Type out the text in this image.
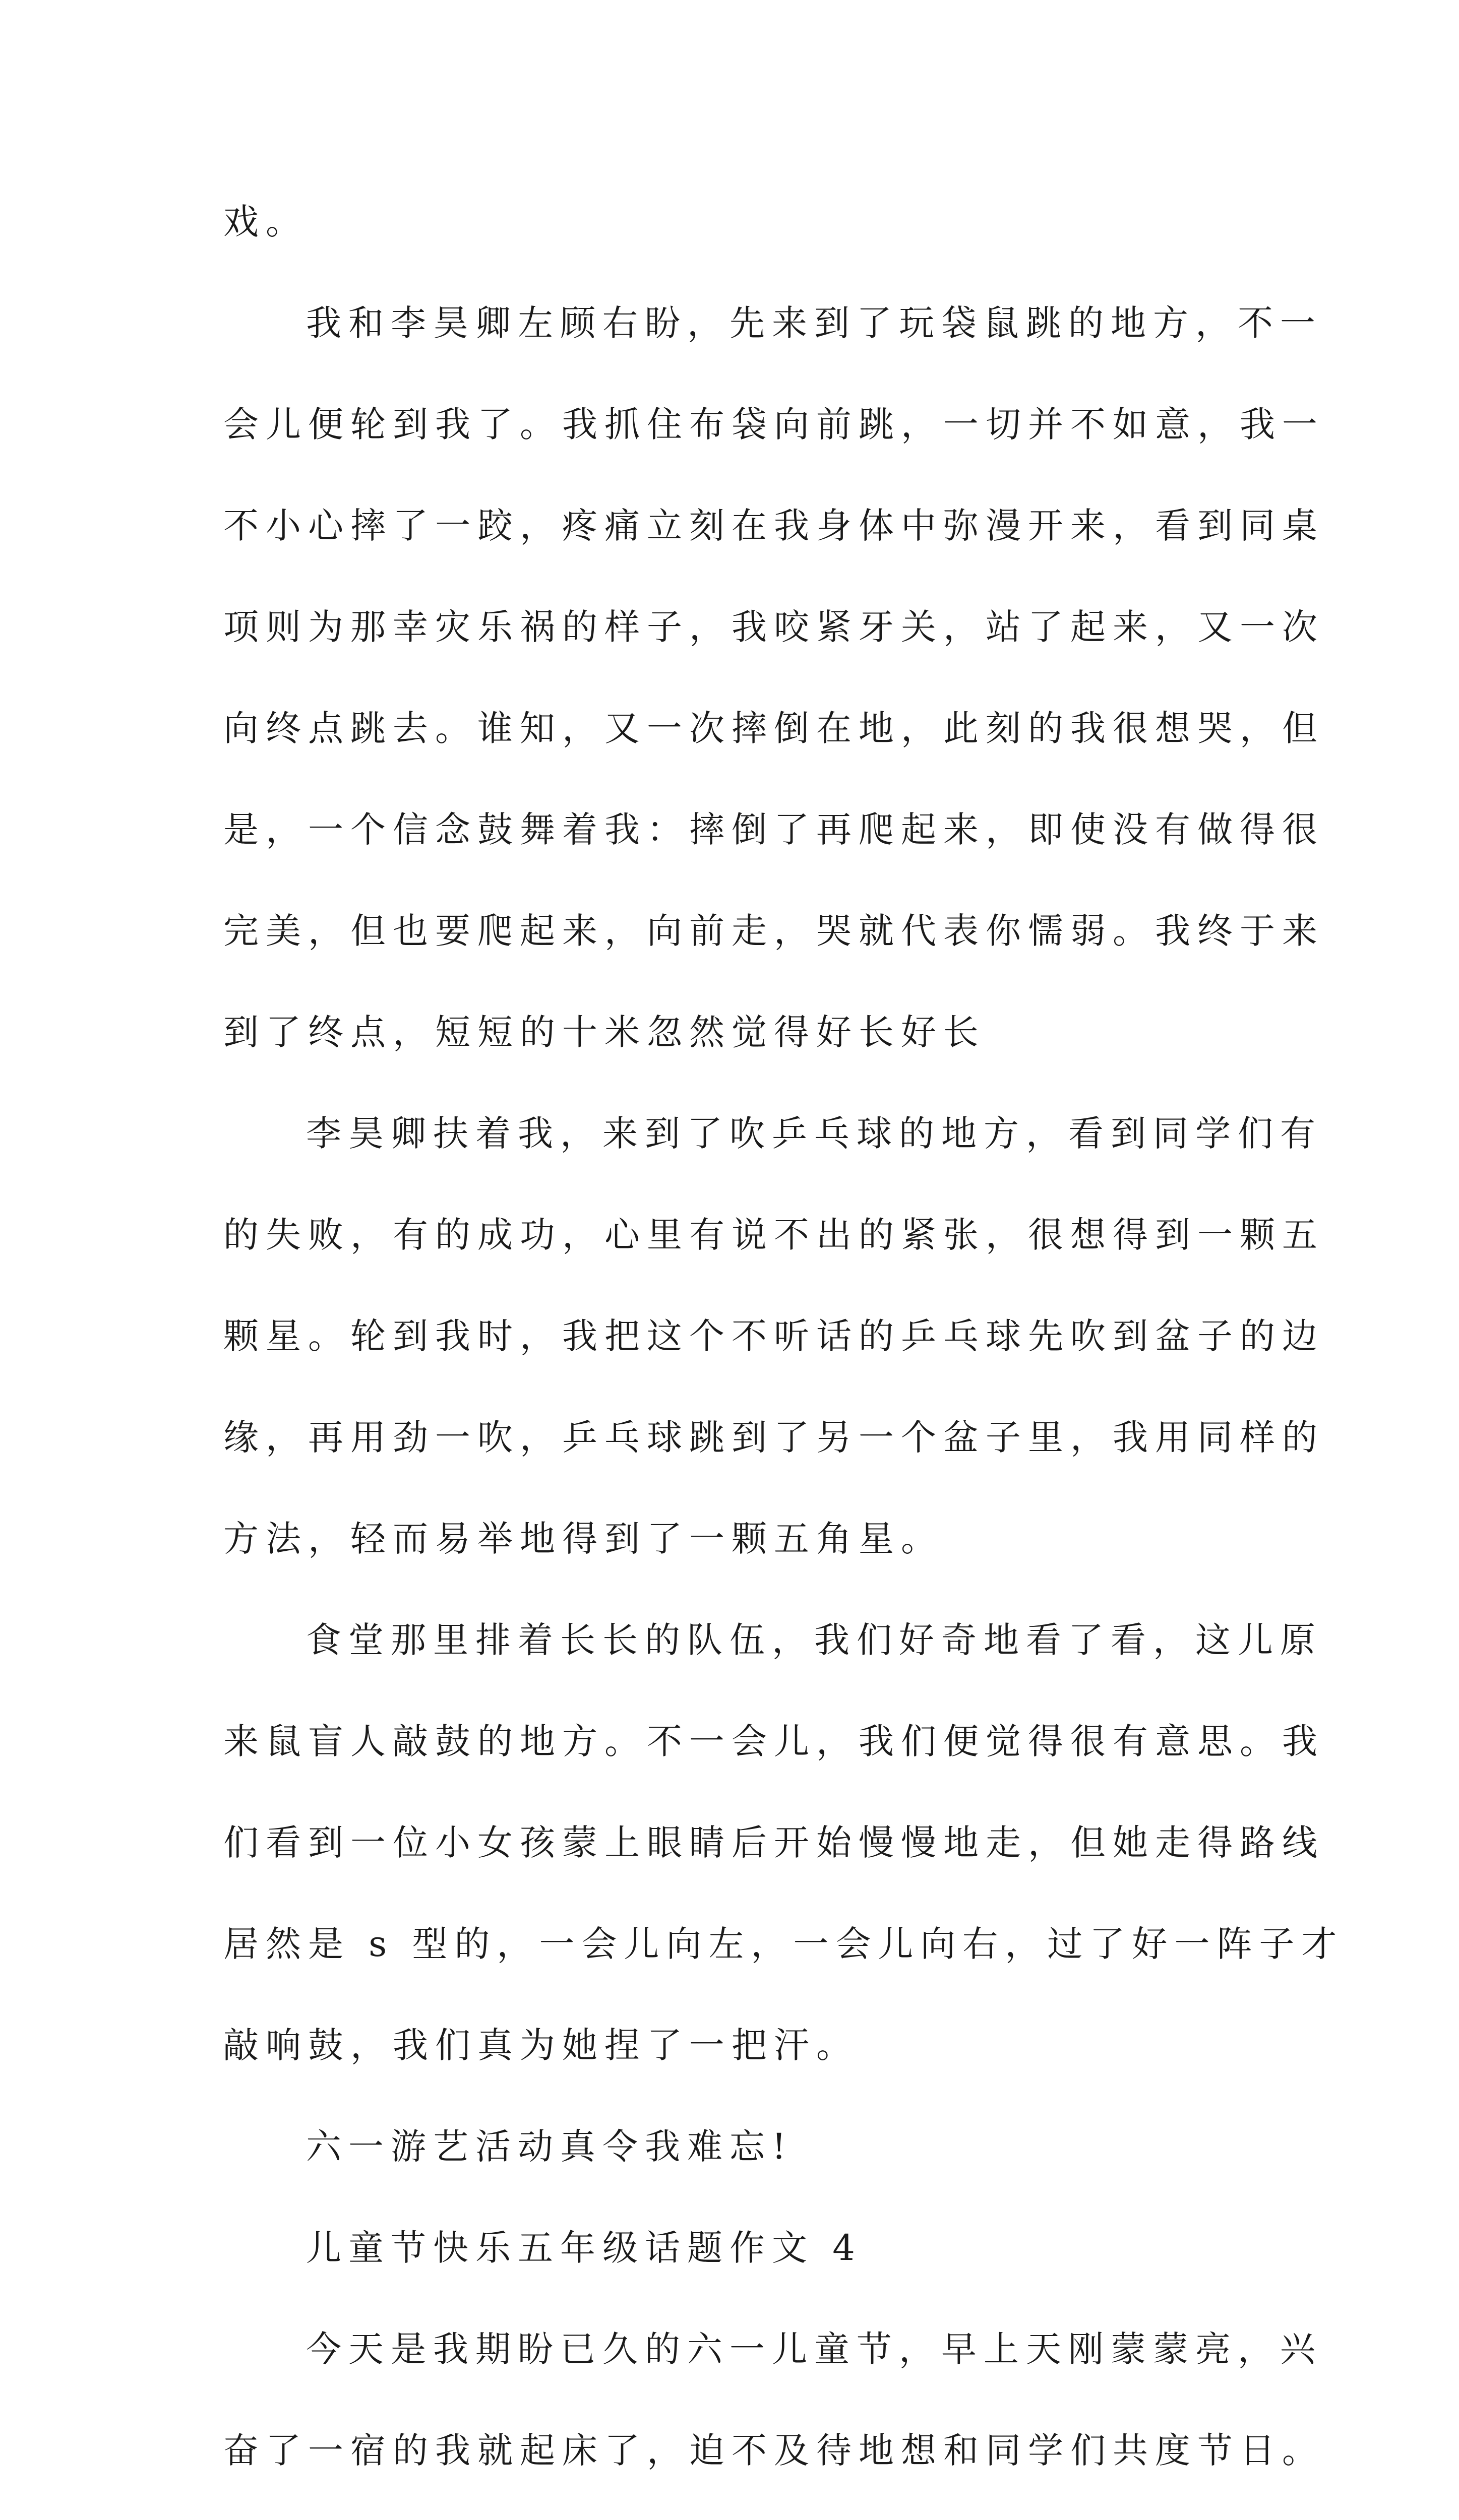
戏。
我和李昊卿左顾右盼，先来到了玩袋鼠跳的地方，不一
会儿便轮到我了。我抓住布袋向前跳，一切并不如意，我一
不小心摔了一跤，疼痛立刻在我身体中弥漫开来，看到同桌
项则为那幸灾乐祸的样子，我咬紧牙关，站了起来，又一次
向终点跳去。谁知，又一次摔倒在地，此刻的我很想哭，但
是，一个信念鼓舞着我：摔倒了再爬起来，即使没有做得很
完美，但也要爬起来，向前走，哭就代表你懦弱。我终于来
到了终点，短短的十米忽然觉得好长好长
李昊卿扶着我，来到了吹乒乓球的地方，看到同学们有
的失败，有的成功，心里有说不出的紧张，很想得到一颗五
颗星。轮到我时，我把这个不听话的乒乓球先吹到盆子的边
缘，再用劲一吹，乒乓球跳到了另一个盆子里，我用同样的
方法，轻而易举地得到了一颗五角星。
食堂那里排着长长的队伍，我们好奇地看了看，这儿原
来鼠盲人敲鼓的地方。不一会儿，我们便觉得很有意思。我
们看到一位小女孩蒙上眼睛后开始慢慢地走，但她走得路线
居然是 s 型的，一会儿向左，一会儿向右，过了好一阵子才
敲响鼓，我们真为她捏了一把汗。
六一游艺活动真令我难忘!
儿童节快乐五年级话题作文 4
今天是我期盼已久的六一儿童节，早上天刚蒙蒙亮，兴
奋了一宿的我就起床了，迫不及待地想和同学们共度节日。
